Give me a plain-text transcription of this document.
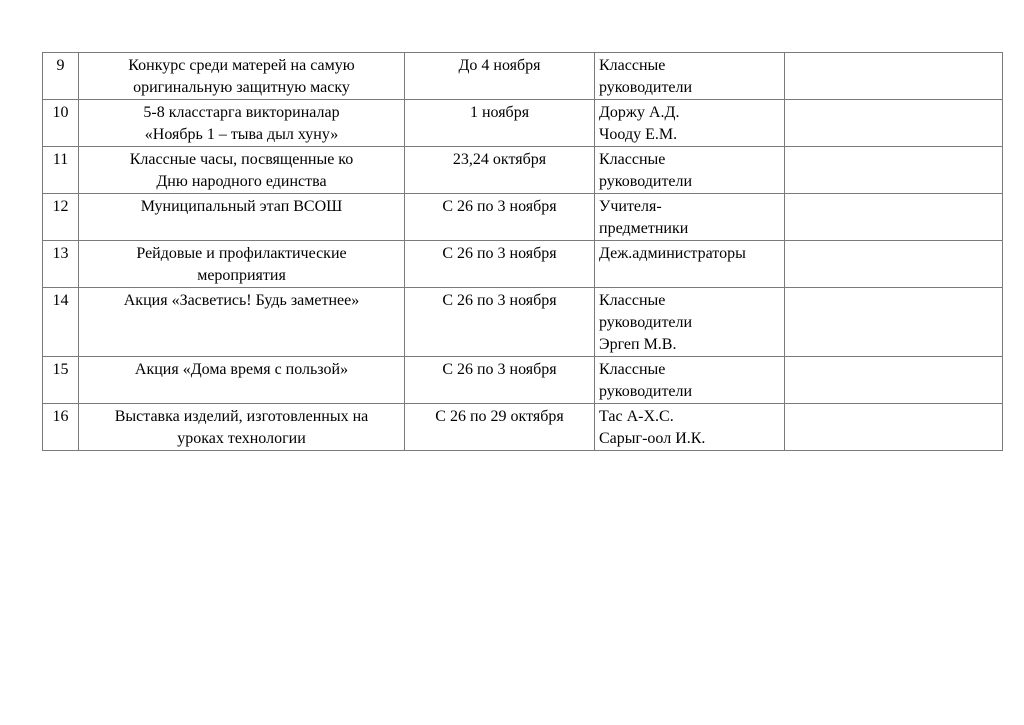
9	Конкурс среди матерей на самую
оригинальную защитную маску	До 4 ноября	Классные
руководители	

10	5-8 класстарга викториналар
«Ноябрь 1 – тыва дыл хуну»	1 ноября	Доржу А.Д.
Чооду Е.М.	

11	Классные часы, посвященные ко
Дню народного единства	23,24 октября	Классные
руководители	

12	Муниципальный этап ВСОШ	С 26 по 3 ноября	Учителя-
предметники	

13	Рейдовые и профилактические
мероприятия	С 26 по 3 ноября	Деж.администраторы	

14	Акция «Засветись! Будь заметнее»	С 26 по 3 ноября	Классные
руководители
Эргеп М.В.	

15	Акция «Дома время с пользой»	С 26 по 3 ноября	Классные
руководители	

16	Выставка изделий, изготовленных на
уроках технологии	С 26 по 29 октября	Тас А-Х.С.
Сарыг-оол И.К.	
